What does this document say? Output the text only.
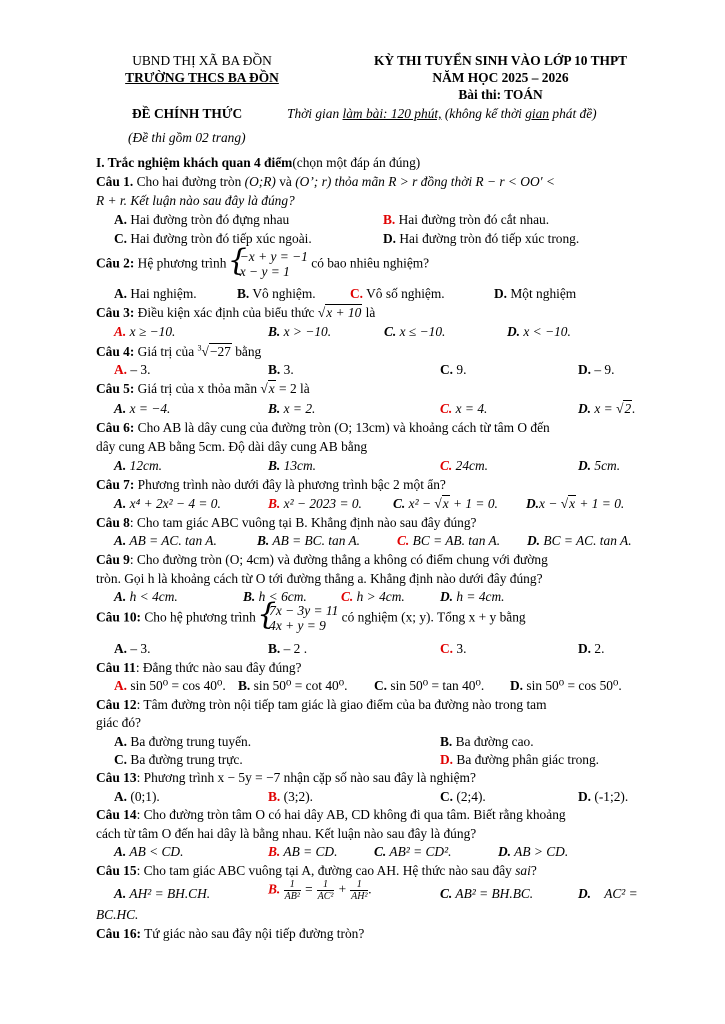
UBND THỊ XÃ BA ĐỒN
TRƯỜNG THCS BA ĐỒN
KỲ THI TUYỂN SINH VÀO LỚP 10 THPT
NĂM HỌC 2025 – 2026
Bài thi: TOÁN
ĐỀ CHÍNH THỨC	Thời gian làm bài: 120 phút, (không kể thời gian phát đề)
(Đề thi gồm 02 trang)
I. Trắc nghiệm khách quan 4 điểm(chọn một đáp án đúng)
Câu 1. Cho hai đường tròn (O;R) và (O’; r) thỏa mãn R > r đồng thời R − r < OO′ <
R + r. Kết luận nào sau đây là đúng?
A. Hai đường tròn đó đựng nhau	B. Hai đường tròn đó cắt nhau.
C. Hai đường tròn đó tiếp xúc ngoài.	D. Hai đường tròn đó tiếp xúc trong.
Câu 2: Hệ phương trình {
−x + y = −1
x − y = 1
có bao nhiêu nghiệm?
A. Hai nghiệm.	B. Vô nghiệm.	C. Vô số nghiệm.	D. Một nghiệm
Câu 3: Điều kiện xác định của biểu thức √x + 10 là
A. x ≥ −10.	B. x > −10.	C. x ≤ −10.	D. x < −10.
Câu 4: Giá trị của $^3$√−27 bằng
A. – 3.	B. 3.	C. 9.	D. – 9.
Câu 5: Giá trị của x thỏa mãn √x = 2 là
A. x = −4.	B. x = 2.	C. x = 4.	D. x = √2.
Câu 6: Cho AB là dây cung của đường tròn (O; 13cm) và khoảng cách từ tâm O đến
dây cung AB bằng 5cm. Độ dài dây cung AB bằng
A. 12cm.	B. 13cm.	C. 24cm.	D. 5cm.
Câu 7: Phương trình nào dưới đây là phương trình bậc 2 một ẩn?
A. x⁴ + 2x² − 4 = 0.	B. x² − 2023 = 0. C. x² − √x + 1 = 0. D.x − √x + 1 = 0.
Câu 8: Cho tam giác ABC vuông tại B. Khẳng định nào sau đây đúng?
A. AB = AC. tan A.	B. AB = BC. tan A.	C. BC = AB. tan A. D. BC = AC. tan A.
Câu 9: Cho đường tròn (O; 4cm) và đường thẳng a không có điểm chung với đường
tròn. Gọi h là khoảng cách từ O tới đường thẳng a. Khẳng định nào dưới đây đúng?
A. h < 4cm.	B. h < 6cm.	C. h > 4cm.	D. h = 4cm.
Câu 10: Cho hệ phương trình {
7x − 3y = 11
4x + y = 9
có nghiệm (x; y). Tổng x + y bằng
A. – 3.	B. – 2 .	C. 3.	D. 2.
Câu 11: Đẳng thức nào sau đây đúng?
A. sin 50⁰ = cos 40⁰. B. sin 50⁰ = cot 40⁰. C. sin 50⁰ = tan 40⁰. D. sin 50⁰ = cos 50⁰.
Câu 12: Tâm đường tròn nội tiếp tam giác là giao điểm của ba đường nào trong tam
giác đó?
A. Ba đường trung tuyến.	B. Ba đường cao.
C. Ba đường trung trực.	D. Ba đường phân giác trong.
Câu 13: Phương trình x − 5y = −7 nhận cặp số nào sau đây là nghiệm?
A. (0;1).	B. (3;2).	C. (2;4).	D. (-1;2).
Câu 14: Cho đường tròn tâm O có hai dây AB, CD không đi qua tâm. Biết rằng khoảng
cách từ tâm O đến hai dây là bằng nhau. Kết luận nào sau đây là đúng?
A. AB < CD.	B. AB = CD.	C. AB² = CD².	D. AB > CD.
Câu 15: Cho tam giác ABC vuông tại A, đường cao AH. Hệ thức nào sau đây sai?
A. AH² = BH.CH.	B. $\frac{1}{\text{AB²}} = \frac{1}{\text{AC²}} + \frac{1}{\text{AH²}}$ .	C. AB² = BH.BC.	D. AC² =
BC.HC.
Câu 16: Tứ giác nào sau đây nội tiếp đường tròn?
